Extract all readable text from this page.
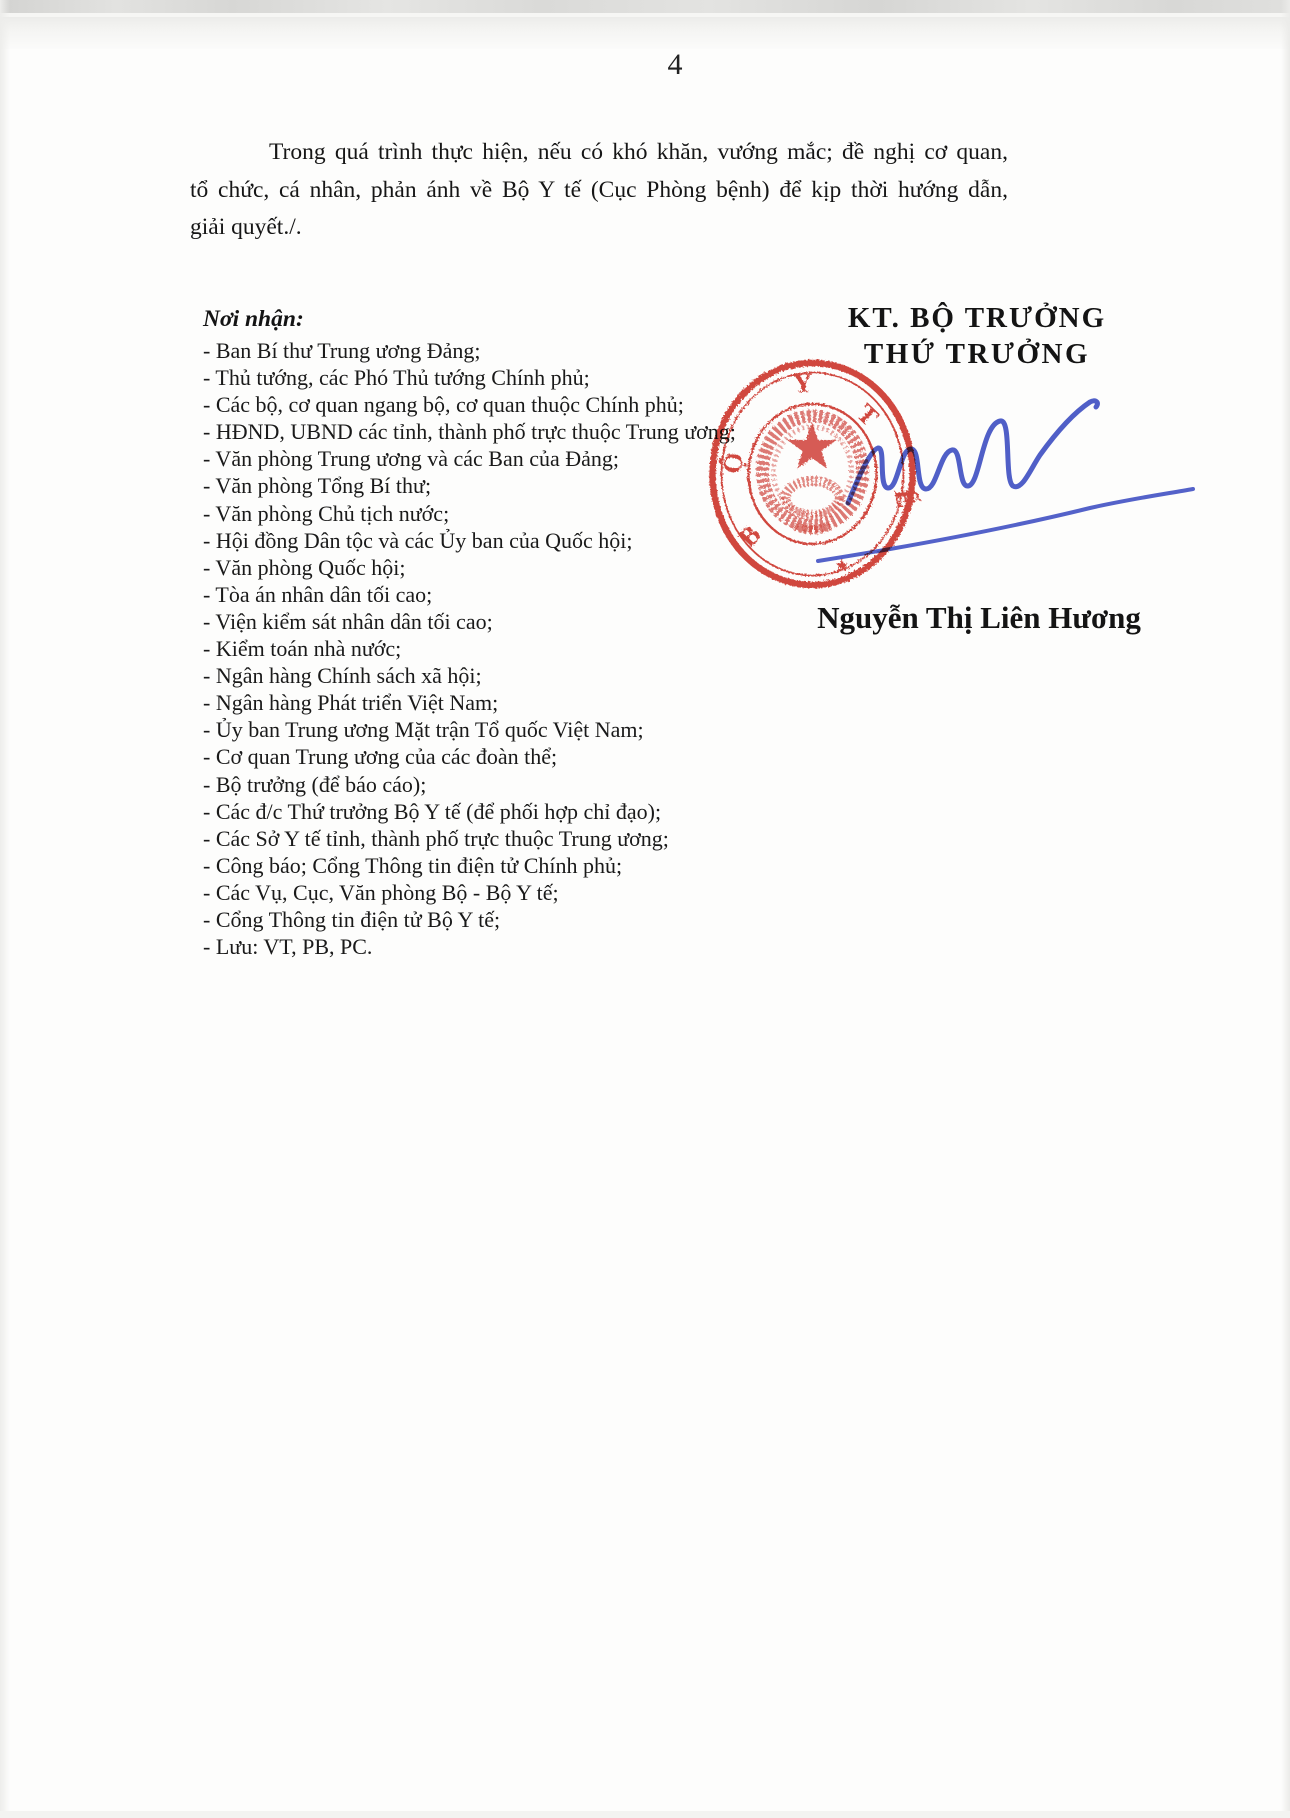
4
Trong quá trình thực hiện, nếu có khó khăn, vướng mắc; đề nghị cơ quan,
tổ chức, cá nhân, phản ánh về Bộ Y tế (Cục Phòng bệnh) để kịp thời hướng dẫn,
giải quyết./.
Nơi nhận:
- Ban Bí thư Trung ương Đảng;
- Thủ tướng, các Phó Thủ tướng Chính phủ;
- Các bộ, cơ quan ngang bộ, cơ quan thuộc Chính phủ;
- HĐND, UBND các tỉnh, thành phố trực thuộc Trung ương;
- Văn phòng Trung ương và các Ban của Đảng;
- Văn phòng Tổng Bí thư;
- Văn phòng Chủ tịch nước;
- Hội đồng Dân tộc và các Ủy ban của Quốc hội;
- Văn phòng Quốc hội;
- Tòa án nhân dân tối cao;
- Viện kiểm sát nhân dân tối cao;
- Kiểm toán nhà nước;
- Ngân hàng Chính sách xã hội;
- Ngân hàng Phát triển Việt Nam;
- Ủy ban Trung ương Mặt trận Tổ quốc Việt Nam;
- Cơ quan Trung ương của các đoàn thể;
- Bộ trưởng (để báo cáo);
- Các đ/c Thứ trưởng Bộ Y tế (để phối hợp chỉ đạo);
- Các Sở Y tế tỉnh, thành phố trực thuộc Trung ương;
- Công báo; Cổng Thông tin điện tử Chính phủ;
- Các Vụ, Cục, Văn phòng Bộ - Bộ Y tế;
- Cổng Thông tin điện tử Bộ Y tế;
- Lưu: VT, PB, PC.
KT. BỘ TRƯỞNG
THỨ TRƯỞNG
Nguyễn Thị Liên Hương
B
Ộ
Y
T
Ế
★
